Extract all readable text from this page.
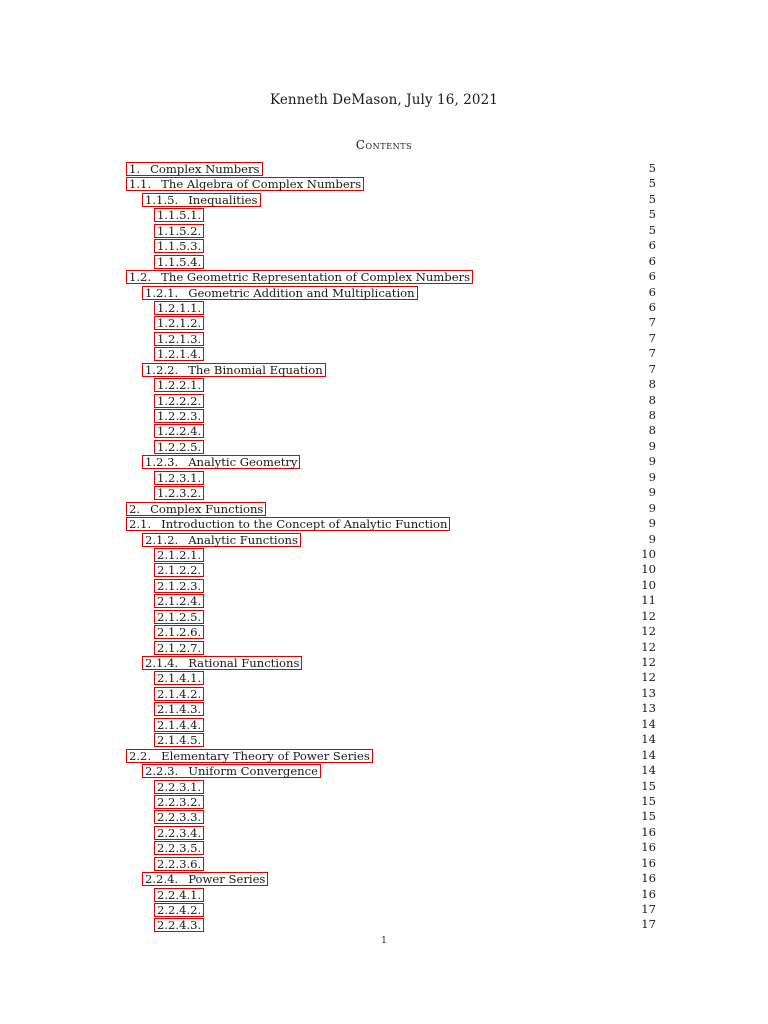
Kenneth DeMason, July 16, 2021
Contents
1. Complex Numbers	5
1.1. The Algebra of Complex Numbers	5
1.1.5. Inequalities	5
1.1.5.1.	5
1.1.5.2.	5
1.1.5.3.	6
1.1.5.4.	6
1.2. The Geometric Representation of Complex Numbers	6
1.2.1. Geometric Addition and Multiplication	6
1.2.1.1.	6
1.2.1.2.	7
1.2.1.3.	7
1.2.1.4.	7
1.2.2. The Binomial Equation	7
1.2.2.1.	8
1.2.2.2.	8
1.2.2.3.	8
1.2.2.4.	8
1.2.2.5.	9
1.2.3. Analytic Geometry	9
1.2.3.1.	9
1.2.3.2.	9
2. Complex Functions	9
2.1. Introduction to the Concept of Analytic Function	9
2.1.2. Analytic Functions	9
2.1.2.1.	10
2.1.2.2.	10
2.1.2.3.	10
2.1.2.4.	11
2.1.2.5.	12
2.1.2.6.	12
2.1.2.7.	12
2.1.4. Rational Functions	12
2.1.4.1.	12
2.1.4.2.	13
2.1.4.3.	13
2.1.4.4.	14
2.1.4.5.	14
2.2. Elementary Theory of Power Series	14
2.2.3. Uniform Convergence	14
2.2.3.1.	15
2.2.3.2.	15
2.2.3.3.	15
2.2.3.4.	16
2.2.3.5.	16
2.2.3.6.	16
2.2.4. Power Series	16
2.2.4.1.	16
2.2.4.2.	17
2.2.4.3.	17
1
